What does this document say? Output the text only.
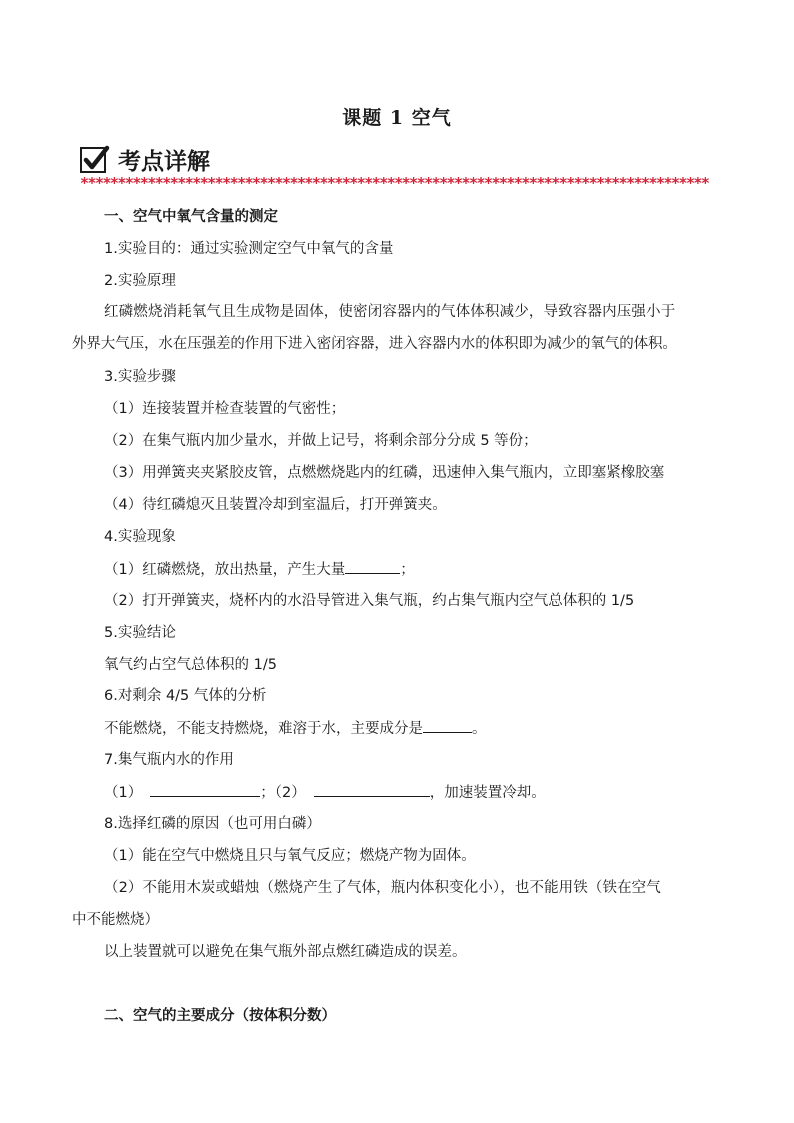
课题 1 空气
考点详解
************************************************************************************
一、空气中氧气含量的测定
1.实验目的：通过实验测定空气中氧气的含量
2.实验原理
红磷燃烧消耗氧气且生成物是固体，使密闭容器内的气体体积减少，导致容器内压强小于
外界大气压，水在压强差的作用下进入密闭容器，进入容器内水的体积即为减少的氧气的体积。
3.实验步骤
（1）连接装置并检查装置的气密性；
（2）在集气瓶内加少量水，并做上记号，将剩余部分分成 5 等份；
（3）用弹簧夹夹紧胶皮管，点燃燃烧匙内的红磷，迅速伸入集气瓶内，立即塞紧橡胶塞
（4）待红磷熄灭且装置冷却到室温后，打开弹簧夹。
4.实验现象
（1）红磷燃烧，放出热量，产生大量	；
（2）打开弹簧夹，烧杯内的水沿导管进入集气瓶，约占集气瓶内空气总体积的 1/5
5.实验结论
氧气约占空气总体积的 1/5
6.对剩余 4/5 气体的分析
不能燃烧，不能支持燃烧，难溶于水，主要成分是	。
7.集气瓶内水的作用
（1）	；（2）	，加速装置冷却。
8.选择红磷的原因（也可用白磷）
（1）能在空气中燃烧且只与氧气反应；燃烧产物为固体。
（2）不能用木炭或蜡烛（燃烧产生了气体，瓶内体积变化小），也不能用铁（铁在空气
中不能燃烧）
以上装置就可以避免在集气瓶外部点燃红磷造成的误差。
二、空气的主要成分（按体积分数）
